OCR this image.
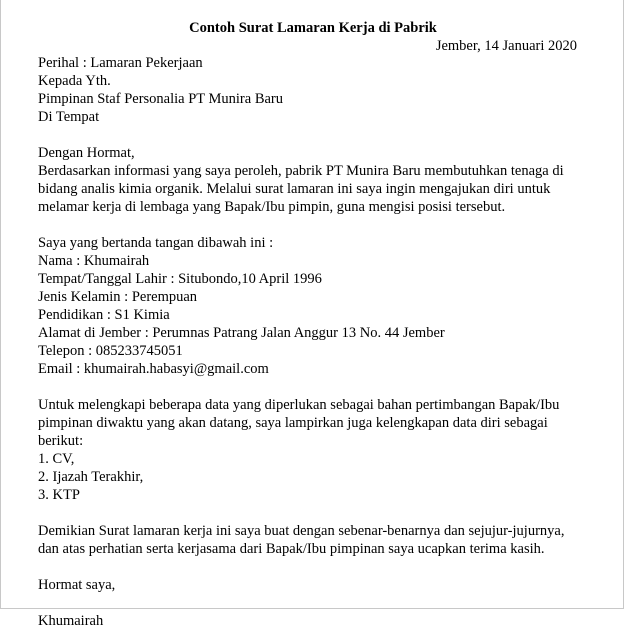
Contoh Surat Lamaran Kerja di Pabrik
Jember, 14 Januari 2020
Perihal : Lamaran Pekerjaan
Kepada Yth.
Pimpinan Staf Personalia PT Munira Baru
Di Tempat
Dengan Hormat,
Berdasarkan informasi yang saya peroleh, pabrik PT Munira Baru membutuhkan tenaga di
bidang analis kimia organik. Melalui surat lamaran ini saya ingin mengajukan diri untuk
melamar kerja di lembaga yang Bapak/Ibu pimpin, guna mengisi posisi tersebut.
Saya yang bertanda tangan dibawah ini :
Nama : Khumairah
Tempat/Tanggal Lahir : Situbondo,10 April 1996
Jenis Kelamin : Perempuan
Pendidikan : S1 Kimia
Alamat di Jember : Perumnas Patrang Jalan Anggur 13 No. 44 Jember
Telepon : 085233745051
Email : khumairah.habasyi@gmail.com
Untuk melengkapi beberapa data yang diperlukan sebagai bahan pertimbangan Bapak/Ibu
pimpinan diwaktu yang akan datang, saya lampirkan juga kelengkapan data diri sebagai
berikut:
1. CV,
2. Ijazah Terakhir,
3. KTP
Demikian Surat lamaran kerja ini saya buat dengan sebenar-benarnya dan sejujur-jujurnya,
dan atas perhatian serta kerjasama dari Bapak/Ibu pimpinan saya ucapkan terima kasih.
Hormat saya,
Khumairah
